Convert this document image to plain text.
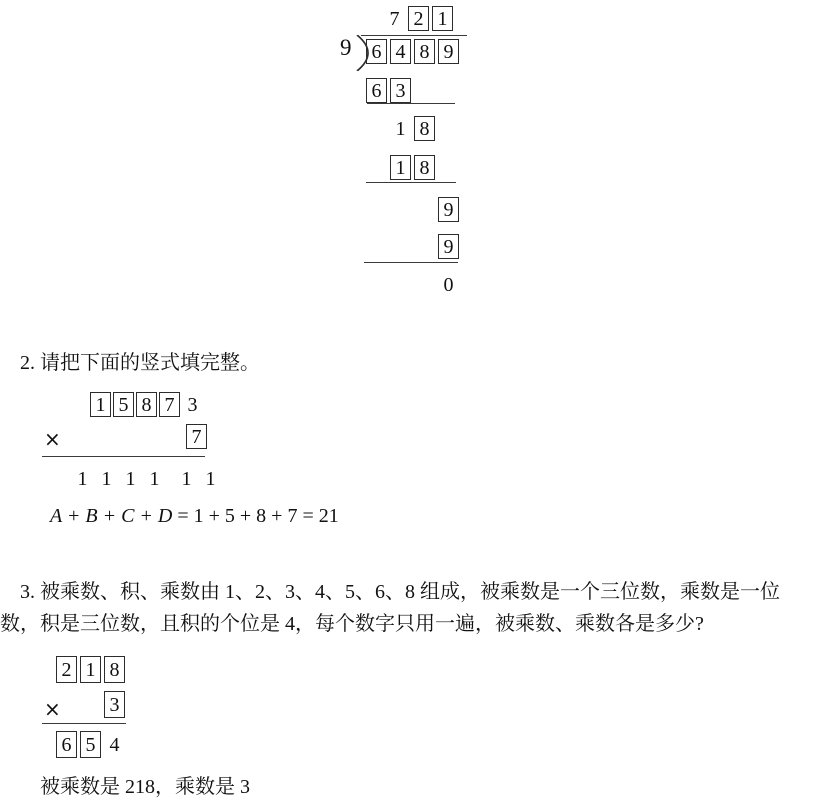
7 2 1
9 6 4 8 9
6 3
1 8
1 8
9
9
0
2. 请把下面的竖式填完整。
1 5 8 7 3
×	7
1 1 1 1 1 1
A + B + C + D = 1 + 5 + 8 + 7 = 21
3. 被乘数、积、乘数由 1、2、3、4、5、6、8 组成，被乘数是一个三位数，乘数是一位
数，积是三位数，且积的个位是 4，每个数字只用一遍，被乘数、乘数各是多少?
2 1 8
× 3
6 5 4
被乘数是 218，乘数是 3
